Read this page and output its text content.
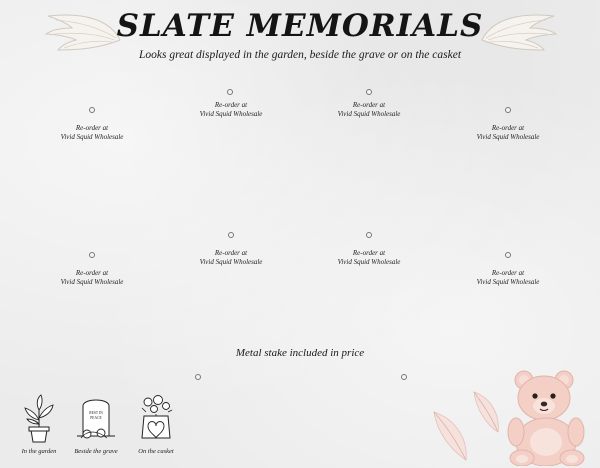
SLATE MEMORIALS
Looks great displayed in the garden, beside the grave or on the casket
Re-order at
Vivid Squid Wholesale
Re-order at
Vivid Squid Wholesale
Re-order at
Vivid Squid Wholesale
Re-order at
Vivid Squid Wholesale
Re-order at
Vivid Squid Wholesale
Re-order at
Vivid Squid Wholesale
Re-order at
Vivid Squid Wholesale
Re-order at
Vivid Squid Wholesale
Metal stake included in price
In the garden
REST IN
PEACE
Beside the grave	On the casket
